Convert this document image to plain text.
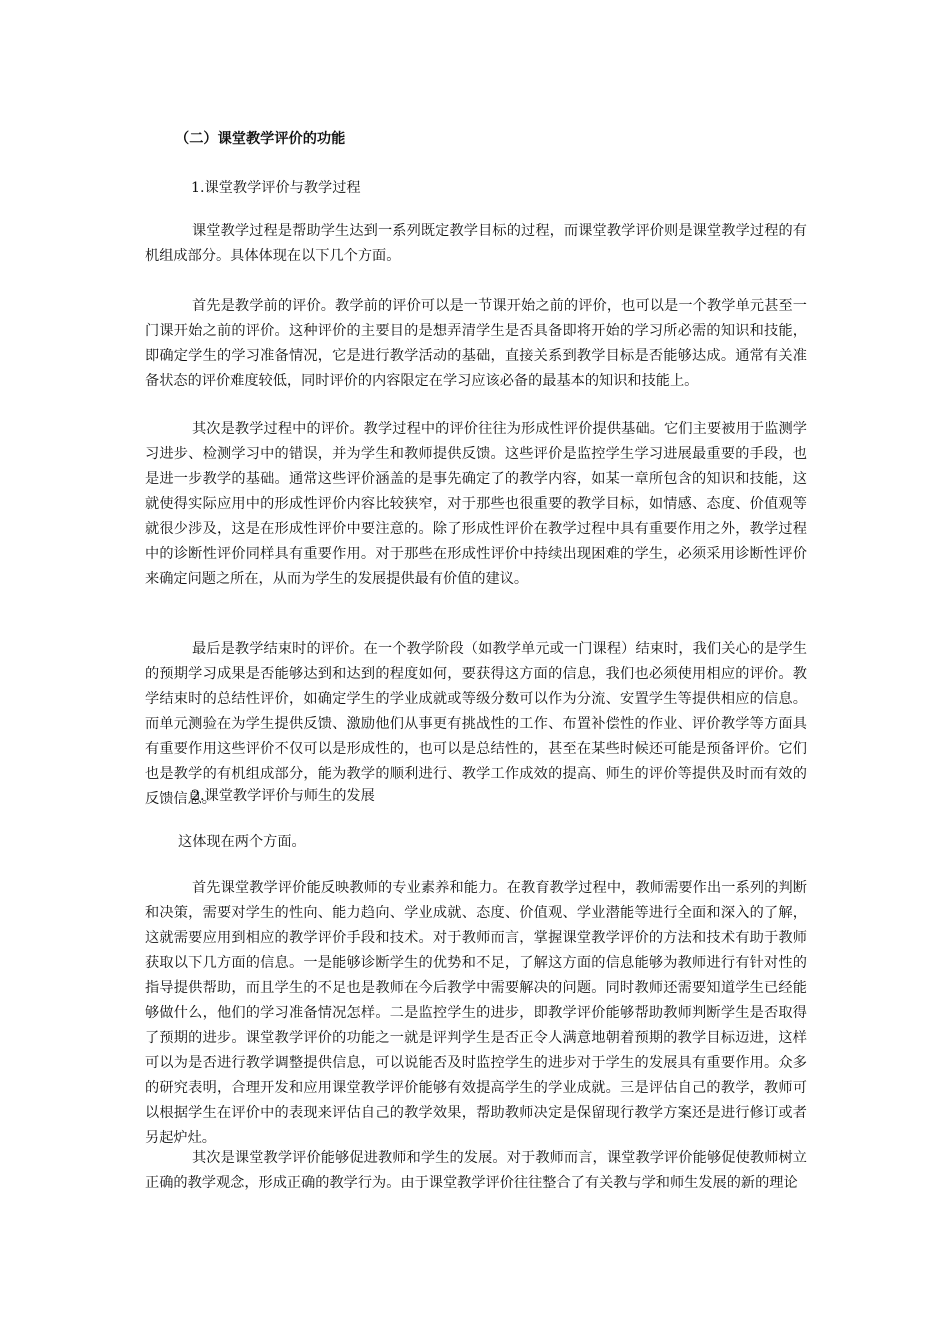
（二）课堂教学评价的功能
1.课堂教学评价与教学过程

课堂教学过程是帮助学生达到一系列既定教学目标的过程，而课堂教学评价则是课堂教学过程的有机组成部分。具体体现在以下几个方面。

首先是教学前的评价。教学前的评价可以是一节课开始之前的评价，也可以是一个教学单元甚至一门课开始之前的评价。这种评价的主要目的是想弄清学生是否具备即将开始的学习所必需的知识和技能，即确定学生的学习准备情况，它是进行教学活动的基础，直接关系到教学目标是否能够达成。通常有关准备状态的评价难度较低，同时评价的内容限定在学习应该必备的最基本的知识和技能上。

其次是教学过程中的评价。教学过程中的评价往往为形成性评价提供基础。它们主要被用于监测学习进步、检测学习中的错误，并为学生和教师提供反馈。这些评价是监控学生学习进展最重要的手段，也是进一步教学的基础。通常这些评价涵盖的是事先确定了的教学内容，如某一章所包含的知识和技能，这就使得实际应用中的形成性评价内容比较狭窄，对于那些也很重要的教学目标，如情感、态度、价值观等就很少涉及，这是在形成性评价中要注意的。除了形成性评价在教学过程中具有重要作用之外，教学过程中的诊断性评价同样具有重要作用。对于那些在形成性评价中持续出现困难的学生，必须采用诊断性评价来确定问题之所在，从而为学生的发展提供最有价值的建议。

最后是教学结束时的评价。在一个教学阶段（如教学单元或一门课程）结束时，我们关心的是学生的预期学习成果是否能够达到和达到的程度如何，要获得这方面的信息，我们也必须使用相应的评价。教学结束时的总结性评价，如确定学生的学业成就或等级分数可以作为分流、安置学生等提供相应的信息。而单元测验在为学生提供反馈、激励他们从事更有挑战性的工作、布置补偿性的作业、评价教学等方面具有重要作用这些评价不仅可以是形成性的，也可以是总结性的，甚至在某些时候还可能是预备评价。它们也是教学的有机组成部分，能为教学的顺利进行、教学工作成效的提高、师生的评价等提供及时而有效的反馈信息。

2.课堂教学评价与师生的发展
这体现在两个方面。

首先课堂教学评价能反映教师的专业素养和能力。在教育教学过程中，教师需要作出一系列的判断和决策，需要对学生的性向、能力趋向、学业成就、态度、价值观、学业潜能等进行全面和深入的了解，这就需要应用到相应的教学评价手段和技术。对于教师而言，掌握课堂教学评价的方法和技术有助于教师获取以下几方面的信息。一是能够诊断学生的优势和不足，了解这方面的信息能够为教师进行有针对性的指导提供帮助，而且学生的不足也是教师在今后教学中需要解决的问题。同时教师还需要知道学生已经能够做什么，他们的学习准备情况怎样。二是监控学生的进步，即教学评价能够帮助教师判断学生是否取得了预期的进步。课堂教学评价的功能之一就是评判学生是否正令人满意地朝着预期的教学目标迈进，这样可以为是否进行教学调整提供信息，可以说能否及时监控学生的进步对于学生的发展具有重要作用。众多的研究表明，合理开发和应用课堂教学评价能够有效提高学生的学业成就。三是评估自己的教学，教师可以根据学生在评价中的表现来评估自己的教学效果，帮助教师决定是保留现行教学方案还是进行修订或者另起炉灶。

其次是课堂教学评价能够促进教师和学生的发展。对于教师而言，课堂教学评价能够促使教师树立正确的教学观念，形成正确的教学行为。由于课堂教学评价往往整合了有关教与学和师生发展的新的理论
